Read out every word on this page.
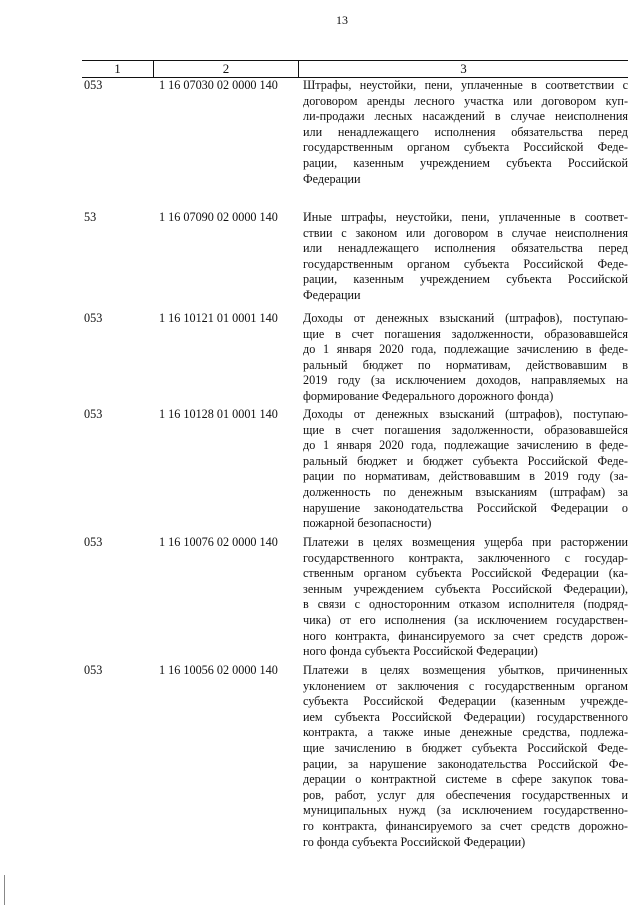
13
1	2	3
053	1 16 07030 02 0000 140	Штрафы, неустойки, пени, уплаченные в соответствии с
договором аренды лесного участка или договором куп-
ли-продажи лесных насаждений в случае неисполнения
или ненадлежащего исполнения обязательства перед
государственным органом субъекта Российской Феде-
рации, казенным учреждением субъекта Российской
Федерации
53	1 16 07090 02 0000 140	Иные штрафы, неустойки, пени, уплаченные в соответ-
ствии с законом или договором в случае неисполнения
или ненадлежащего исполнения обязательства перед
государственным органом субъекта Российской Феде-
рации, казенным учреждением субъекта Российской
Федерации
053	1 16 10121 01 0001 140	Доходы от денежных взысканий (штрафов), поступаю-
щие в счет погашения задолженности, образовавшейся
до 1 января 2020 года, подлежащие зачислению в федe-
ральный бюджет по нормативам, действовавшим в
2019 году (за исключением доходов, направляемых на
формирование Федерального дорожного фонда)
053	1 16 10128 01 0001 140	Доходы от денежных взысканий (штрафов), поступаю-
щие в счет погашения задолженности, образовавшейся
до 1 января 2020 года, подлежащие зачислению в феде-
ральный бюджет и бюджет субъекта Российской Феде-
рации по нормативам, действовавшим в 2019 году (за-
долженность по денежным взысканиям (штрафам) за
нарушение законодательства Российской Федерации о
пожарной безопасности)
053	1 16 10076 02 0000 140	Платежи в целях возмещения ущерба при расторжении
государственного контракта, заключенного с государ-
ственным органом субъекта Российской Федерации (ка-
зенным учреждением субъекта Российской Федерации),
в связи с односторонним отказом исполнителя (подряд-
чика) от его исполнения (за исключением государствен-
ного контракта, финансируемого за счет средств дорож-
ного фонда субъекта Российской Федерации)
053	1 16 10056 02 0000 140	Платежи в целях возмещения убытков, причиненных
уклонением от заключения с государственным органом
субъекта Российской Федерации (казенным учрежде-
ием субъекта Российской Федерации) государственного
контракта, а также иные денежные средства, подлежа-
щие зачислению в бюджет субъекта Российской Феде-
рации, за нарушение законодательства Российской Фе-
дерации о контрактной системе в сфере закупок това-
ров, работ, услуг для обеспечения государственных и
муниципальных нужд (за исключением государственно-
го контракта, финансируемого за счет средств дорожно-
го фонда субъекта Российской Федерации)
